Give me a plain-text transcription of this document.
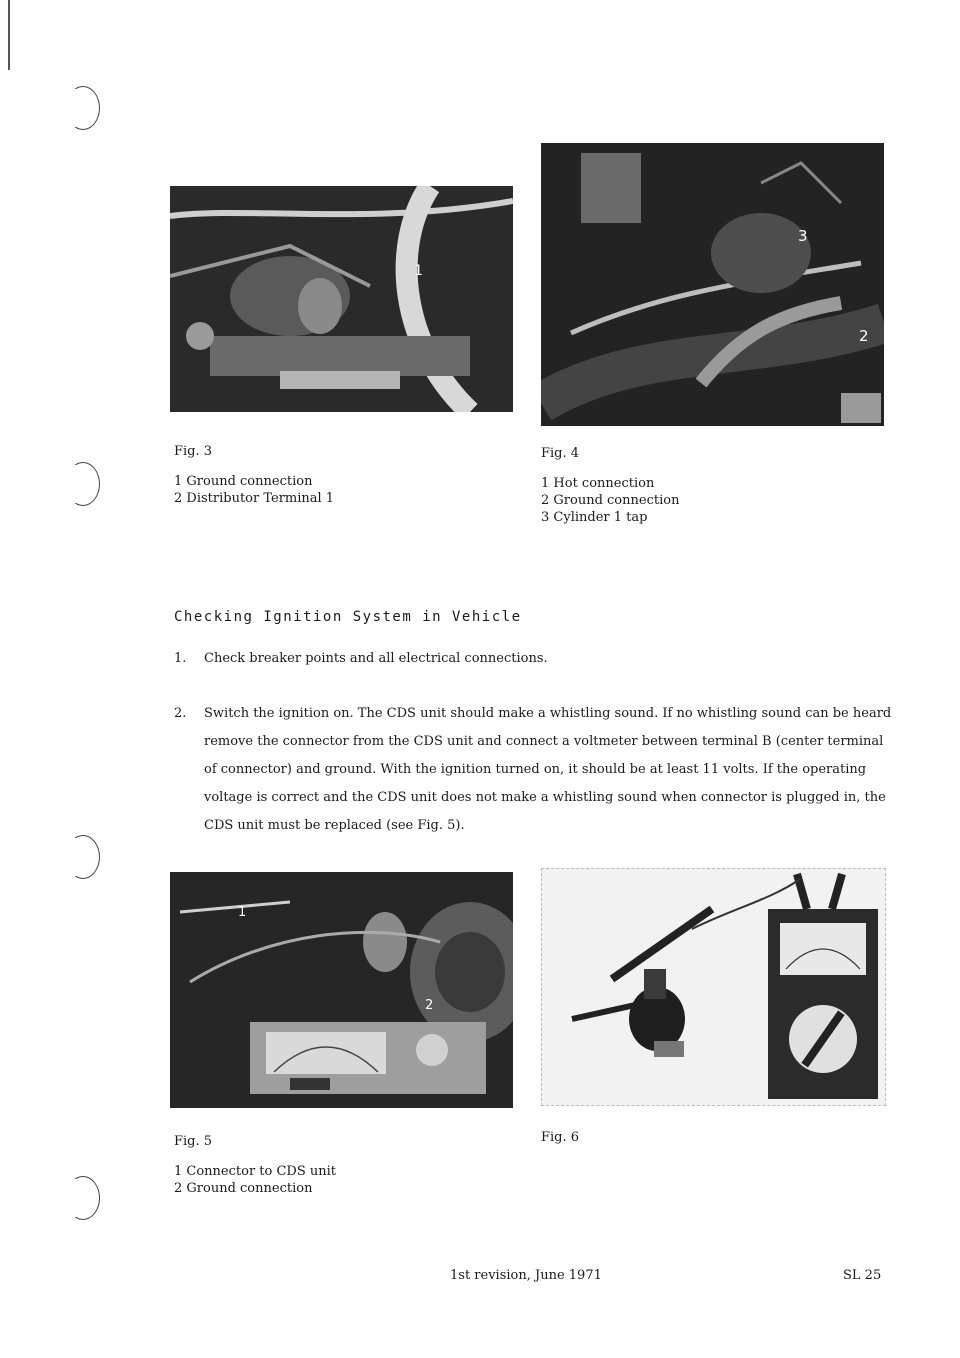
1
3
2
Fig. 3
1 Ground connection
2 Distributor Terminal 1
Fig. 4
1 Hot connection
2 Ground connection
3 Cylinder 1 tap
Checking Ignition System in Vehicle
1. Check breaker points and all electrical connections.
2. Switch the ignition on. The CDS unit should make a whistling sound. If no whistling sound can be heard remove the connector from the CDS unit and connect a voltmeter between terminal B (center terminal of connector) and ground. With the ignition turned on, it should be at least 11 volts. If the operating voltage is correct and the CDS unit does not make a whistling sound when connector is plugged in, the CDS unit must be replaced (see Fig. 5).
1
2
Fig. 5
1 Connector to CDS unit
2 Ground connection
Fig. 6
1st revision, June 1971	SL 25
